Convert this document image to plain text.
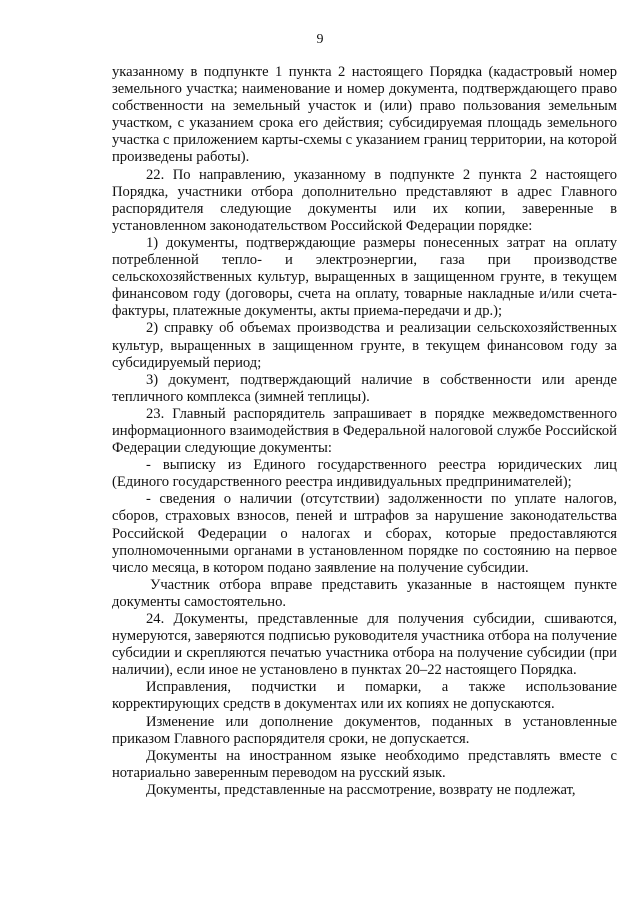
9

указанному в подпункте 1 пункта 2 настоящего Порядка (кадастровый номер земельного участка; наименование и номер документа, подтверждающего право собственности на земельный участок и (или) право пользования земельным участком, с указанием срока его действия; субсидируемая площадь земельного участка с приложением карты-схемы с указанием границ территории, на которой произведены работы).

22. По направлению, указанному в подпункте 2 пункта 2 настоящего Порядка, участники отбора дополнительно представляют в адрес Главного распорядителя следующие документы или их копии, заверенные в установленном законодательством Российской Федерации порядке:

1) документы, подтверждающие размеры понесенных затрат на оплату потребленной тепло- и электроэнергии, газа при производстве сельскохозяйственных культур, выращенных в защищенном грунте, в текущем финансовом году (договоры, счета на оплату, товарные накладные и/или счета-фактуры, платежные документы, акты приема-передачи и др.);

2) справку об объемах производства и реализации сельскохозяйственных культур, выращенных в защищенном грунте, в текущем финансовом году за субсидируемый период;

3) документ, подтверждающий наличие в собственности или аренде тепличного комплекса (зимней теплицы).

23. Главный распорядитель запрашивает в порядке межведомственного информационного взаимодействия в Федеральной налоговой службе Российской Федерации следующие документы:

- выписку из Единого государственного реестра юридических лиц (Единого государственного реестра индивидуальных предпринимателей);

- сведения о наличии (отсутствии) задолженности по уплате налогов, сборов, страховых взносов, пеней и штрафов за нарушение законодательства Российской Федерации о налогах и сборах, которые предоставляются уполномоченными органами в установленном порядке по состоянию на первое число месяца, в котором подано заявление на получение субсидии.

Участник отбора вправе представить указанные в настоящем пункте документы самостоятельно.

24. Документы, представленные для получения субсидии, сшиваются, нумеруются, заверяются подписью руководителя участника отбора на получение субсидии и скрепляются печатью участника отбора на получение субсидии (при наличии), если иное не установлено в пунктах 20–22 настоящего Порядка.

Исправления, подчистки и помарки, а также использование корректирующих средств в документах или их копиях не допускаются.

Изменение или дополнение документов, поданных в установленные приказом Главного распорядителя сроки, не допускается.

Документы на иностранном языке необходимо представлять вместе с нотариально заверенным переводом на русский язык.

Документы, представленные на рассмотрение, возврату не подлежат,
